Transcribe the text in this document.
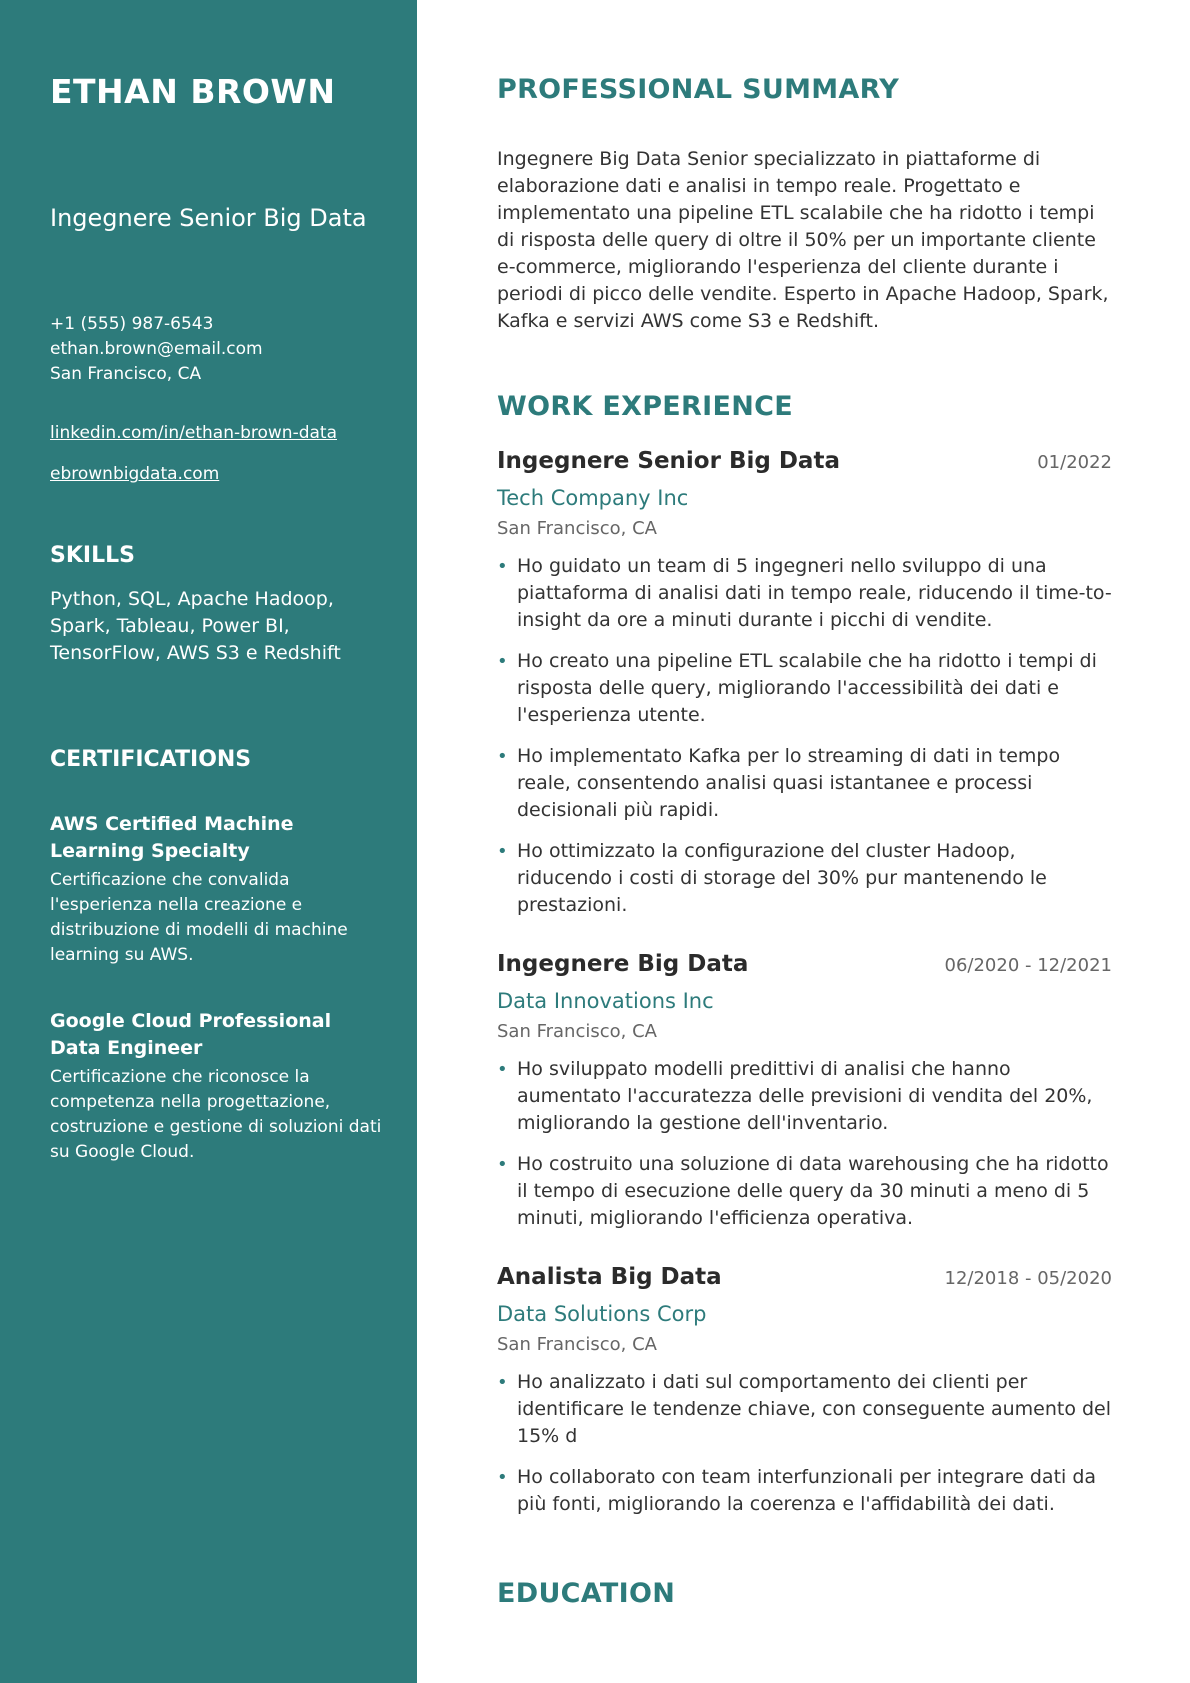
ETHAN BROWN
Ingegnere Senior Big Data
+1 (555) 987-6543
ethan.brown@email.com
San Francisco, CA
linkedin.com/in/ethan-brown-data
ebrownbigdata.com
SKILLS

Python, SQL, Apache Hadoop, Spark, Tableau, Power BI, TensorFlow, AWS S3 e Redshift

CERTIFICATIONS
AWS Certified Machine Learning Specialty
Certificazione che convalida l'esperienza nella creazione e distribuzione di modelli di machine learning su AWS.
Google Cloud Professional Data Engineer
Certificazione che riconosce la competenza nella progettazione, costruzione e gestione di soluzioni dati su Google Cloud.
PROFESSIONAL SUMMARY

Ingegnere Big Data Senior specializzato in piattaforme di elaborazione dati e analisi in tempo reale. Progettato e implementato una pipeline ETL scalabile che ha ridotto i tempi di risposta delle query di oltre il 50% per un importante cliente e-commerce, migliorando l'esperienza del cliente durante i periodi di picco delle vendite. Esperto in Apache Hadoop, Spark, Kafka e servizi AWS come S3 e Redshift.

WORK EXPERIENCE
Ingegnere Senior Big Data	01/2022
Tech Company Inc
San Francisco, CA
• Ho guidato un team di 5 ingegneri nello sviluppo di una piattaforma di analisi dati in tempo reale, riducendo il time-to-insight da ore a minuti durante i picchi di vendite.
• Ho creato una pipeline ETL scalabile che ha ridotto i tempi di risposta delle query, migliorando l'accessibilità dei dati e l'esperienza utente.
• Ho implementato Kafka per lo streaming di dati in tempo reale, consentendo analisi quasi istantanee e processi decisionali più rapidi.
• Ho ottimizzato la configurazione del cluster Hadoop, riducendo i costi di storage del 30% pur mantenendo le prestazioni.
Ingegnere Big Data	06/2020 - 12/2021
Data Innovations Inc
San Francisco, CA
• Ho sviluppato modelli predittivi di analisi che hanno aumentato l'accuratezza delle previsioni di vendita del 20%, migliorando la gestione dell'inventario.
• Ho costruito una soluzione di data warehousing che ha ridotto il tempo di esecuzione delle query da 30 minuti a meno di 5 minuti, migliorando l'efficienza operativa.
Analista Big Data	12/2018 - 05/2020
Data Solutions Corp
San Francisco, CA
• Ho analizzato i dati sul comportamento dei clienti per identificare le tendenze chiave, con conseguente aumento del 15% d
• Ho collaborato con team interfunzionali per integrare dati da più fonti, migliorando la coerenza e l'affidabilità dei dati.
EDUCATION
